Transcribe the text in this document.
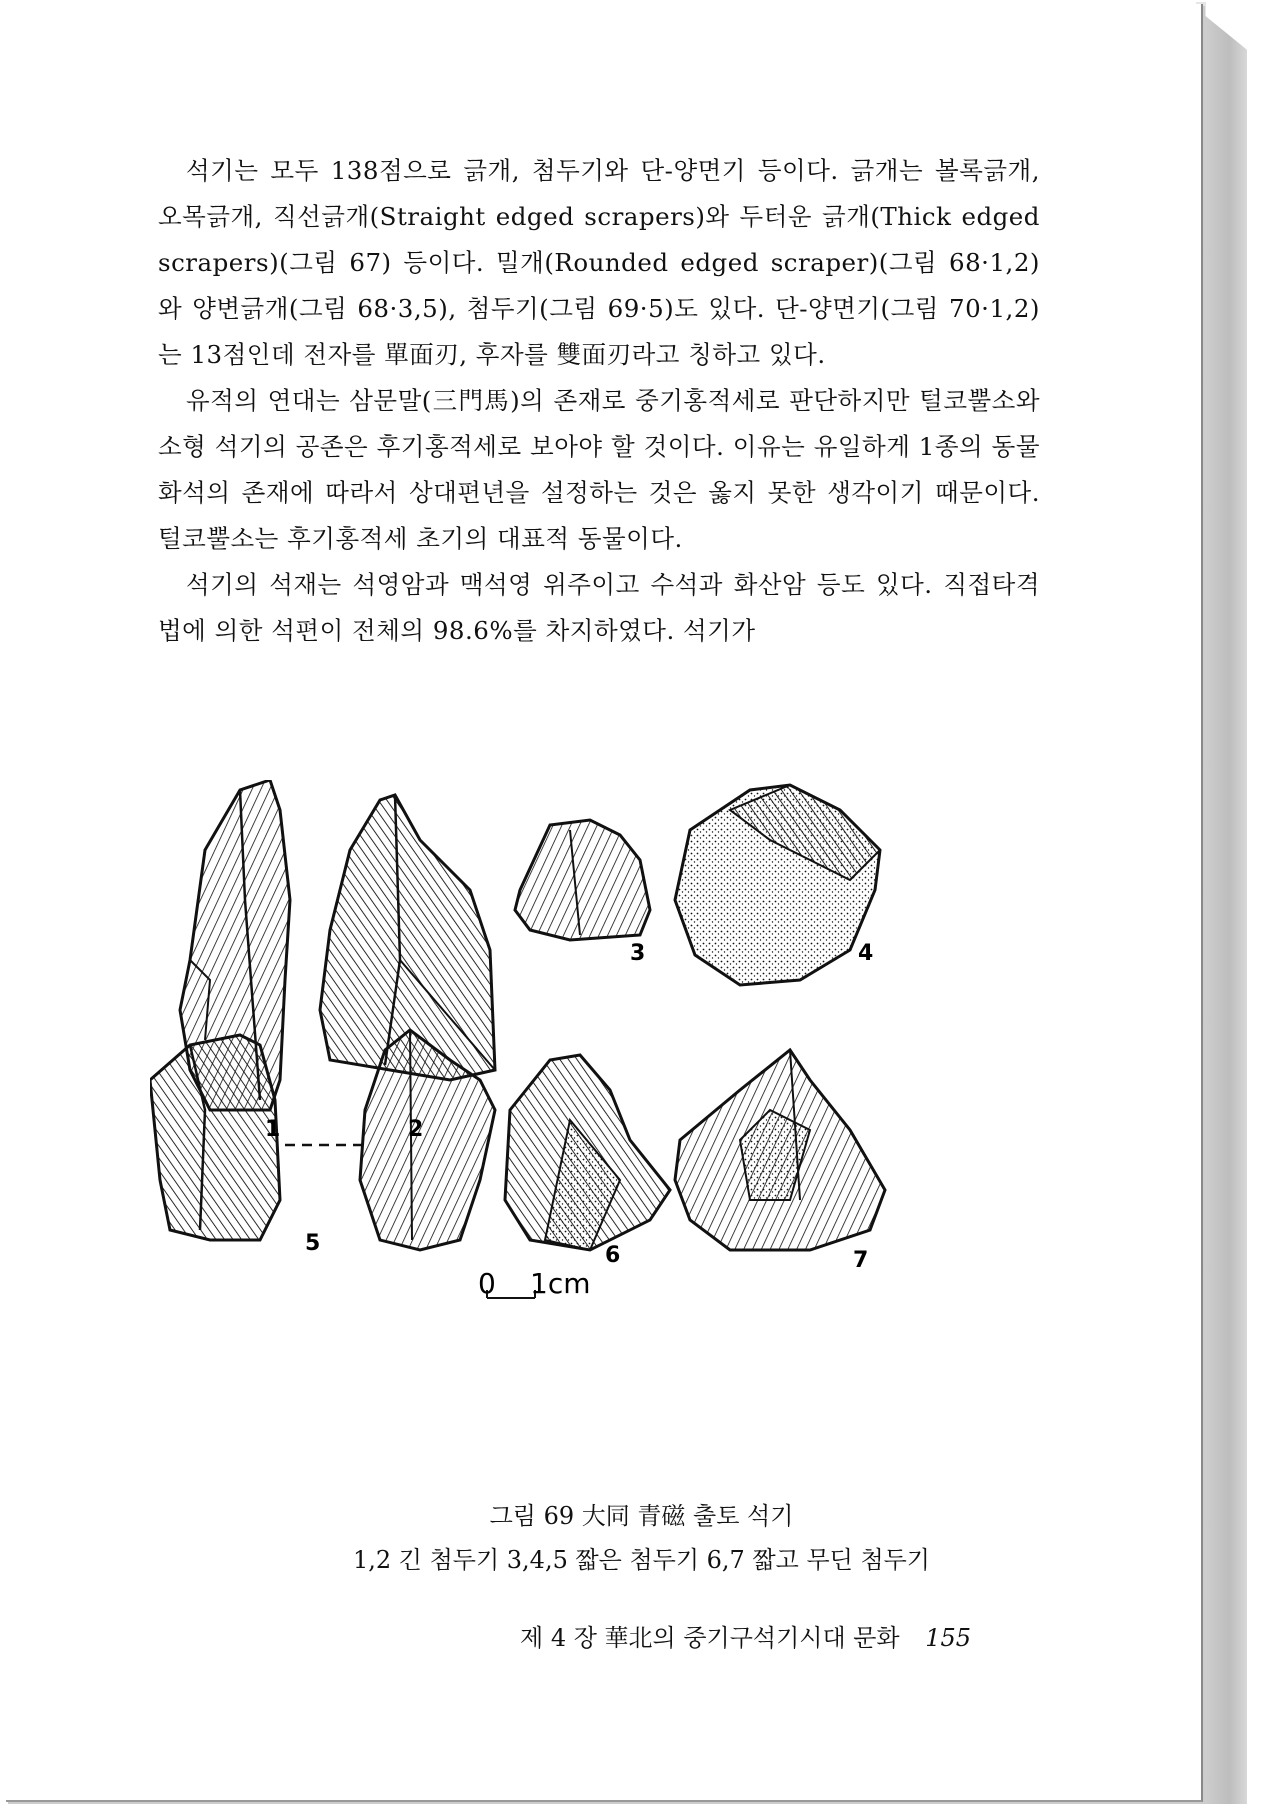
석기는 모두 138점으로 긁개, 첨두기와 단-양면기 등이다. 긁개는 볼록긁개, 오목긁개, 직선긁개(Straight edged scrapers)와 두터운 긁개(Thick edged scrapers)(그림 67) 등이다. 밀개(Rounded edged scraper)(그림 68·1,2)와 양변긁개(그림 68·3,5), 첨두기(그림 69·5)도 있다. 단-양면기(그림 70·1,2)는 13점인데 전자를 單面刃, 후자를 雙面刃라고 칭하고 있다.

유적의 연대는 삼문말(三門馬)의 존재로 중기홍적세로 판단하지만 털코뿔소와 소형 석기의 공존은 후기홍적세로 보아야 할 것이다. 이유는 유일하게 1종의 동물화석의 존재에 따라서 상대편년을 설정하는 것은 옳지 못한 생각이기 때문이다. 털코뿔소는 후기홍적세 초기의 대표적 동물이다.

석기의 석재는 석영암과 맥석영 위주이고 수석과 화산암 등도 있다. 직접타격법에 의한 석편이 전체의 98.6%를 차지하였다. 석기가

1	2
3	4
5	6	7
0 1cm
그림 69 大同 青磁 출토 석기
1,2 긴 첨두기 3,4,5 짧은 첨두기 6,7 짧고 무딘 첨두기
제 4 장 華北의 중기구석기시대 문화 155
